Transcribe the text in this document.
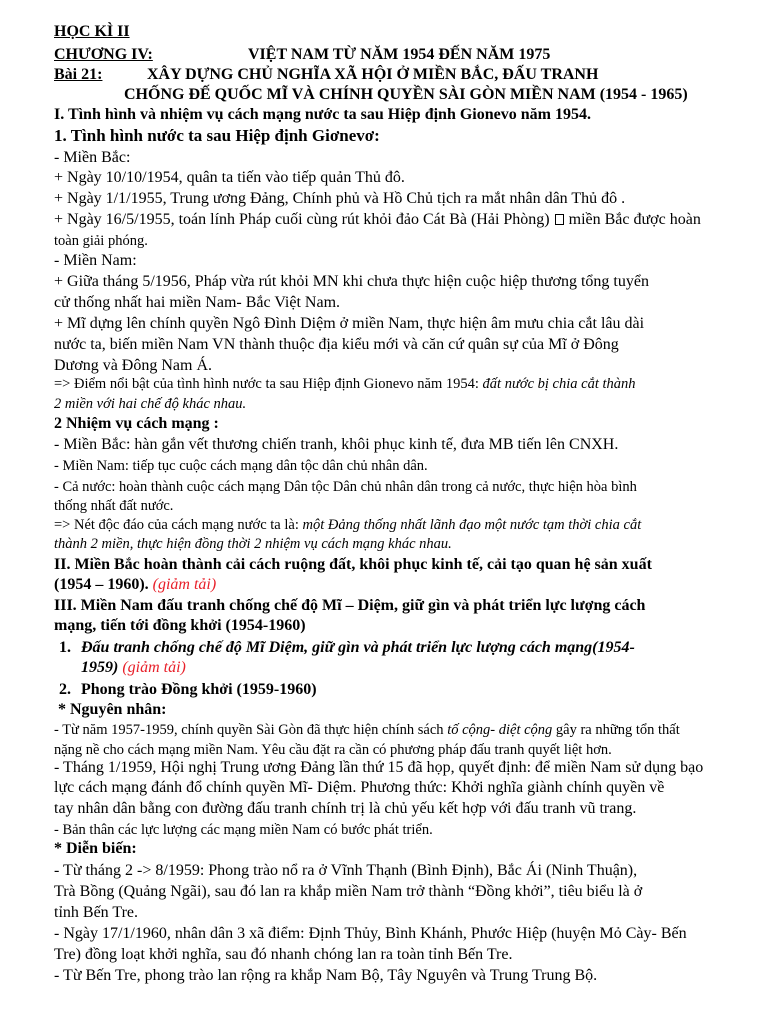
HỌC KÌ II
CHƯƠNG IV:	VIỆT NAM TỪ NĂM 1954 ĐẾN NĂM 1975
Bài 21:	XÂY DỰNG CHỦ NGHĨA XÃ HỘI Ở MIỀN BẮC, ĐẤU TRANH
CHỐNG ĐẾ QUỐC MĨ VÀ CHÍNH QUYỀN SÀI GÒN MIỀN NAM (1954 - 1965)
I. Tình hình và nhiệm vụ cách mạng nước ta sau Hiệp định Gionevo năm 1954.
1. Tình hình nước ta sau Hiệp định Giơnevơ:
- Miền Bắc:
+ Ngày 10/10/1954, quân ta tiến vào tiếp quản Thủ đô.
+ Ngày 1/1/1955, Trung ương Đảng, Chính phủ và Hồ Chủ tịch ra mắt nhân dân Thủ đô .
+ Ngày 16/5/1955, toán lính Pháp cuối cùng rút khỏi đảo Cát Bà (Hải Phòng) miền Bắc được hoàn
toàn giải phóng.
- Miền Nam:
+ Giữa tháng 5/1956, Pháp vừa rút khỏi MN khi chưa thực hiện cuộc hiệp thương tổng tuyển
cử thống nhất hai miền Nam- Bắc Việt Nam.
+ Mĩ dựng lên chính quyền Ngô Đình Diệm ở miền Nam, thực hiện âm mưu chia cắt lâu dài
nước ta, biến miền Nam VN thành thuộc địa kiểu mới và căn cứ quân sự của Mĩ ở Đông
Dương và Đông Nam Á.
=> Điểm nổi bật của tình hình nước ta sau Hiệp định Gionevo năm 1954: đất nước bị chia cắt thành
2 miền với hai chế độ khác nhau.
2 Nhiệm vụ cách mạng :
- Miền Bắc: hàn gắn vết thương chiến tranh, khôi phục kinh tế, đưa MB tiến lên CNXH.
- Miền Nam: tiếp tục cuộc cách mạng dân tộc dân chủ nhân dân.
- Cả nước: hoàn thành cuộc cách mạng Dân tộc Dân chủ nhân dân trong cả nước, thực hiện hòa bình
thống nhất đất nước.
=> Nét độc đáo của cách mạng nước ta là: một Đảng thống nhất lãnh đạo một nước tạm thời chia cắt
thành 2 miền, thực hiện đồng thời 2 nhiệm vụ cách mạng khác nhau.
II. Miền Bắc hoàn thành cải cách ruộng đất, khôi phục kinh tế, cải tạo quan hệ sản xuất
(1954 – 1960). (giảm tải)
III. Miền Nam đấu tranh chống chế độ Mĩ – Diệm, giữ gìn và phát triển lực lượng cách
mạng, tiến tới đồng khởi (1954-1960)
1. Đấu tranh chống chế độ Mĩ Diệm, giữ gìn và phát triển lực lượng cách mạng(1954-
1959) (giảm tải)
2. Phong trào Đồng khởi (1959-1960)
* Nguyên nhân:
- Từ năm 1957-1959, chính quyền Sài Gòn đã thực hiện chính sách tố cộng- diệt cộng gây ra những tổn thất
nặng nề cho cách mạng miền Nam. Yêu cầu đặt ra cần có phương pháp đấu tranh quyết liệt hơn.
- Tháng 1/1959, Hội nghị Trung ương Đảng lần thứ 15 đã họp, quyết định: để miền Nam sử dụng bạo
lực cách mạng đánh đổ chính quyền Mĩ- Diệm. Phương thức: Khởi nghĩa giành chính quyền về
tay nhân dân bằng con đường đấu tranh chính trị là chủ yếu kết hợp với đấu tranh vũ trang.
- Bản thân các lực lượng các mạng miền Nam có bước phát triển.
* Diễn biến:
- Từ tháng 2 -> 8/1959: Phong trào nổ ra ở Vĩnh Thạnh (Bình Định), Bắc Ái (Ninh Thuận),
Trà Bồng (Quảng Ngãi), sau đó lan ra khắp miền Nam trở thành “Đồng khởi”, tiêu biểu là ở
tỉnh Bến Tre.
- Ngày 17/1/1960, nhân dân 3 xã điểm: Định Thủy, Bình Khánh, Phước Hiệp (huyện Mỏ Cày- Bến
Tre) đồng loạt khởi nghĩa, sau đó nhanh chóng lan ra toàn tỉnh Bến Tre.
- Từ Bến Tre, phong trào lan rộng ra khắp Nam Bộ, Tây Nguyên và Trung Trung Bộ.
